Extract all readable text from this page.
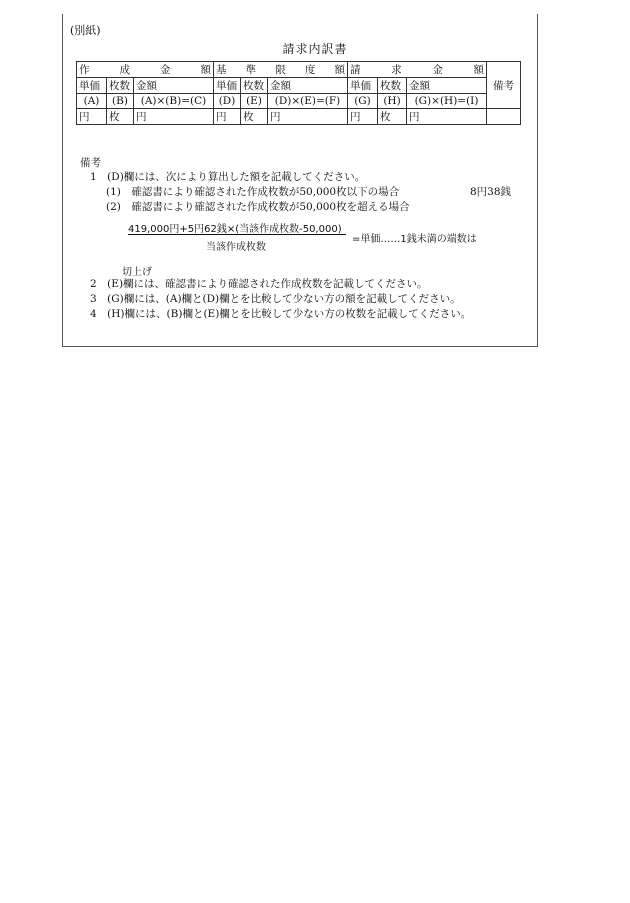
(別紙)
請求内訳書
作 成 金 額			基 準 限 度 額			請 求 金 額			備考
単価	枚数	金額	単価	枚数	金額	単価	枚数	金額	
(A)	(B)	(A)×(B)=(C)	(D)	(E)	(D)×(E)=(F)	(G)	(H)	(G)×(H)=(I)	
円	枚	円	円	枚	円	円	枚	円	
備考
1　(D)欄には、次により算出した額を記載してください。
(1)　確認書により確認された作成枚数が50,000枚以下の場合	8円38銭
(2)　確認書により確認された作成枚数が50,000枚を超える場合
2　(E)欄には、確認書により確認された作成枚数を記載してください。
3　(G)欄には、(A)欄と(D)欄とを比較して少ない方の額を記載してください。
4　(H)欄には、(B)欄と(E)欄とを比較して少ない方の枚数を記載してください。
419,000円+5円62銭×(当該作成枚数-50,000)
当該作成枚数
=単価……1銭未満の端数は
切上げ
